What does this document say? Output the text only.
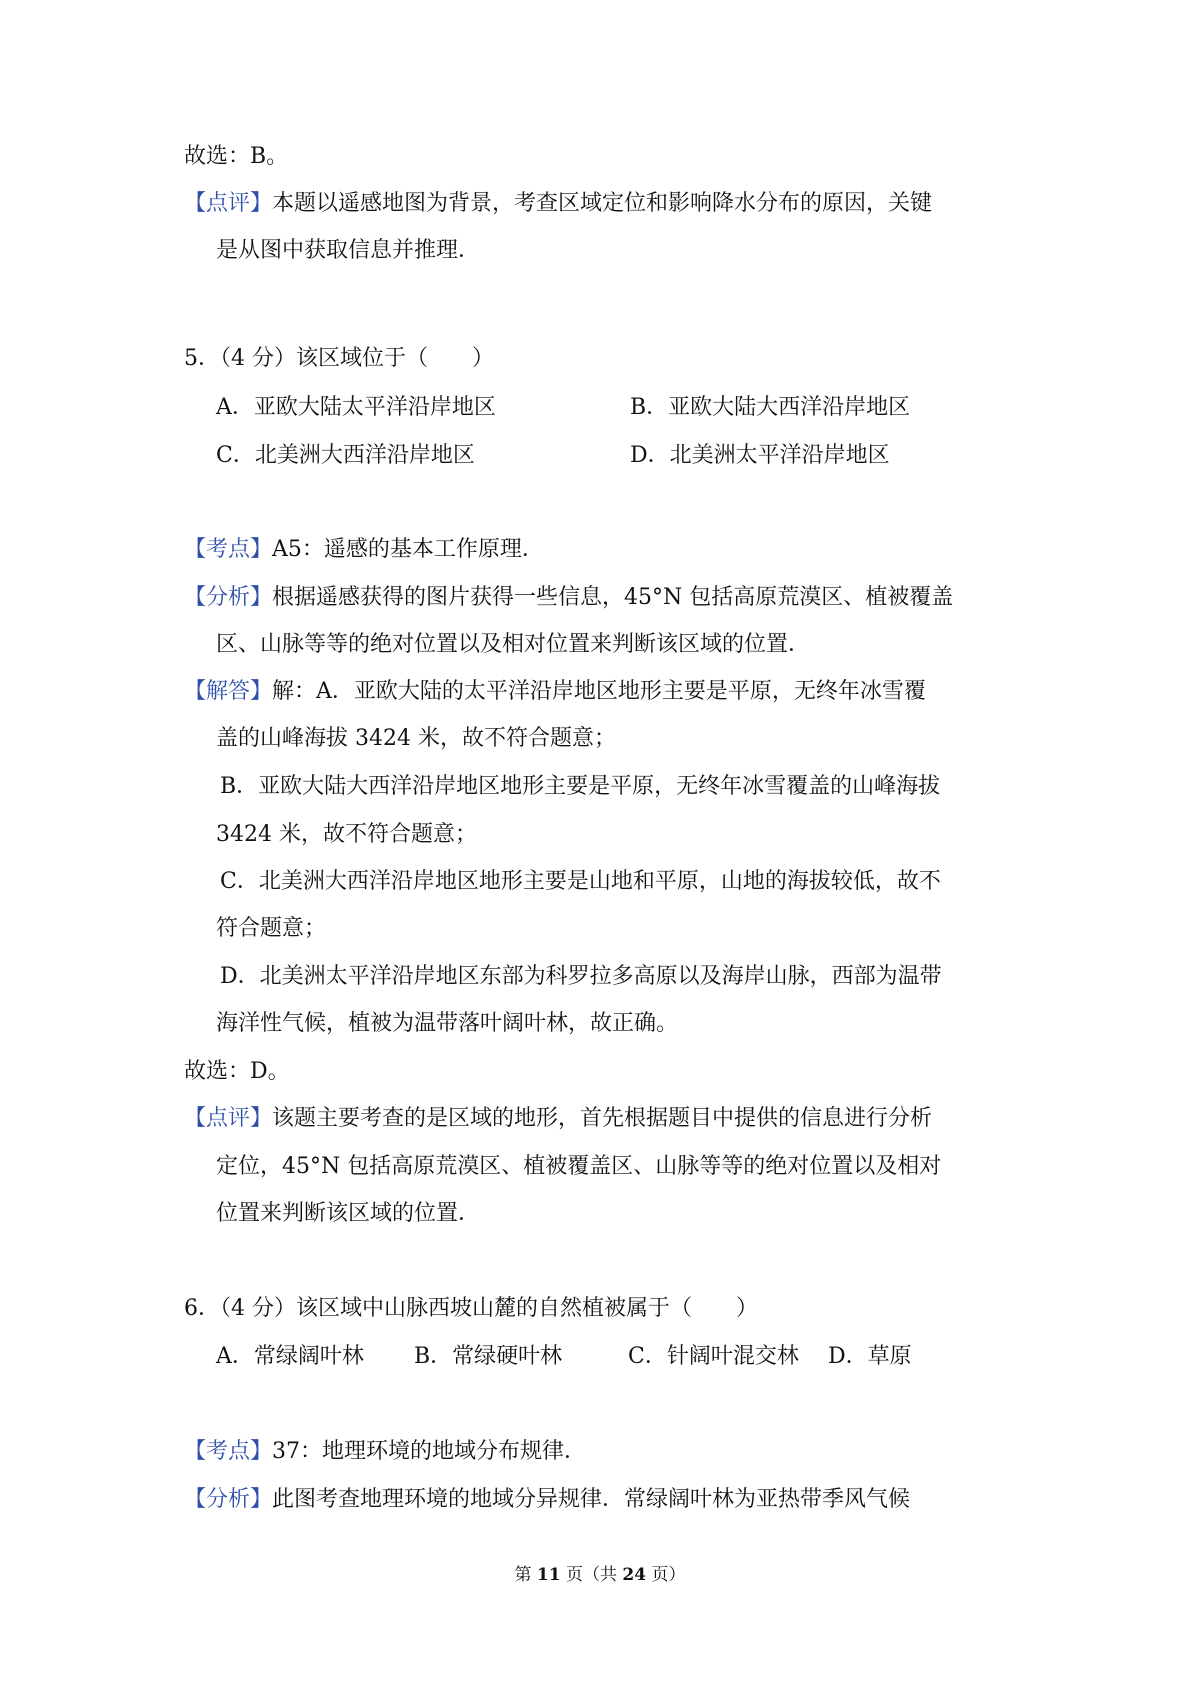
故选：B。
【点评】本题以遥感地图为背景，考查区域定位和影响降水分布的原因，关键
是从图中获取信息并推理．
5．（4 分）该区域位于（　　）
A．亚欧大陆太平洋沿岸地区	B．亚欧大陆大西洋沿岸地区
C．北美洲大西洋沿岸地区	D．北美洲太平洋沿岸地区
【考点】A5：遥感的基本工作原理．
【分析】根据遥感获得的图片获得一些信息，45°N 包括高原荒漠区、植被覆盖
区、山脉等等的绝对位置以及相对位置来判断该区域的位置．
【解答】解：A．亚欧大陆的太平洋沿岸地区地形主要是平原，无终年冰雪覆
盖的山峰海拔 3424 米，故不符合题意；
B．亚欧大陆大西洋沿岸地区地形主要是平原，无终年冰雪覆盖的山峰海拔
3424 米，故不符合题意；
C．北美洲大西洋沿岸地区地形主要是山地和平原，山地的海拔较低，故不
符合题意；
D．北美洲太平洋沿岸地区东部为科罗拉多高原以及海岸山脉，西部为温带
海洋性气候，植被为温带落叶阔叶林，故正确。
故选：D。
【点评】该题主要考查的是区域的地形，首先根据题目中提供的信息进行分析
定位，45°N 包括高原荒漠区、植被覆盖区、山脉等等的绝对位置以及相对
位置来判断该区域的位置．
6．（4 分）该区域中山脉西坡山麓的自然植被属于（　　）
A．常绿阔叶林 B．常绿硬叶林	C．针阔叶混交林 D．草原
【考点】37：地理环境的地域分布规律．
【分析】此图考查地理环境的地域分异规律．常绿阔叶林为亚热带季风气候
第 11 页（共 24 页）
